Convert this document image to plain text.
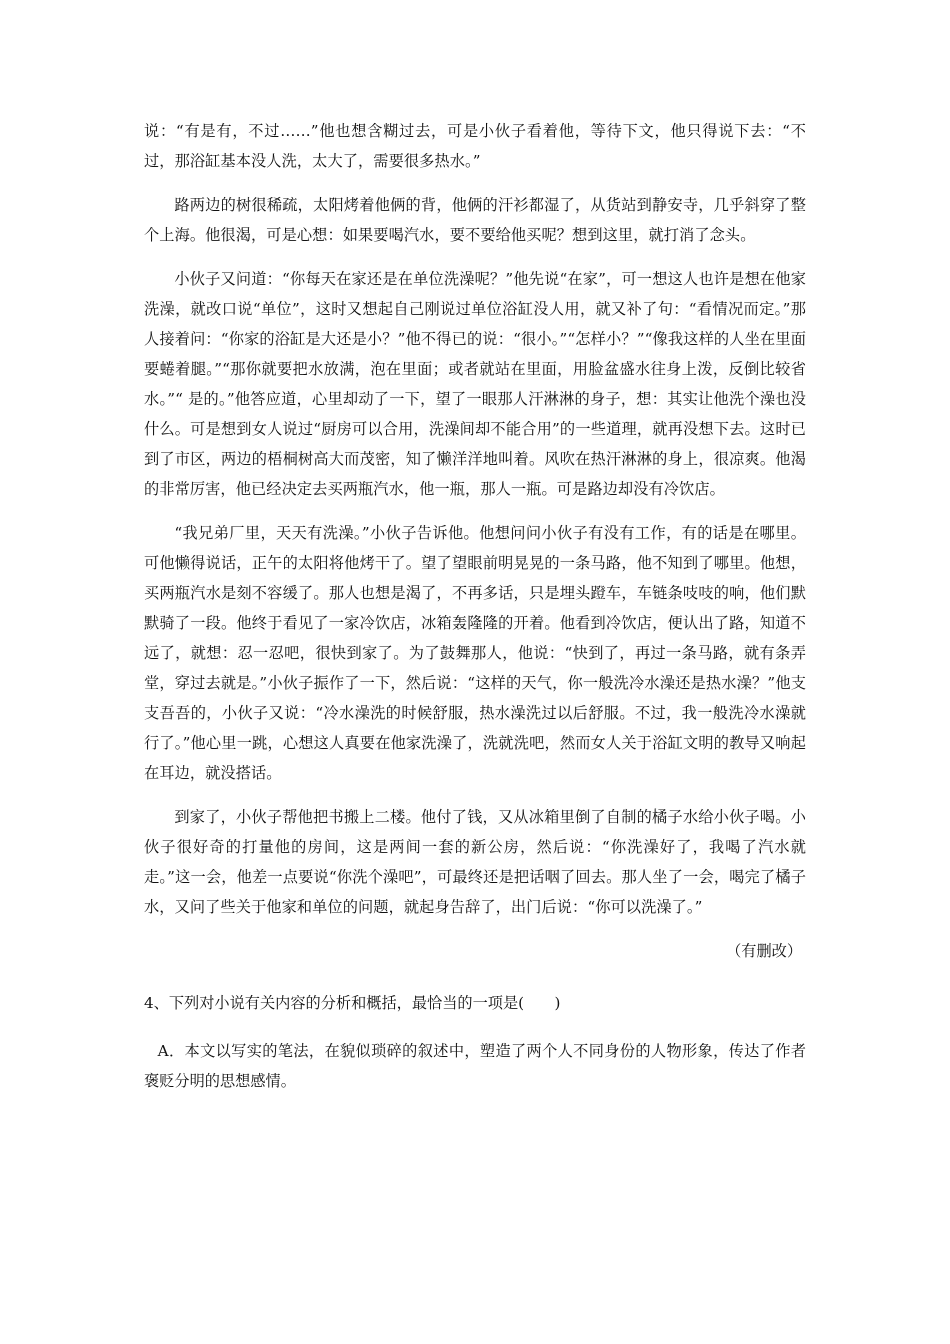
说：“有是有，不过……”他也想含糊过去，可是小伙子看着他，等待下文，他只得说下去：“不过，那浴缸基本没人洗，太大了，需要很多热水。”

路两边的树很稀疏，太阳烤着他俩的背，他俩的汗衫都湿了，从货站到静安寺，几乎斜穿了整个上海。他很渴，可是心想：如果要喝汽水，要不要给他买呢？想到这里，就打消了念头。

小伙子又问道：“你每天在家还是在单位洗澡呢？”他先说“在家”，可一想这人也许是想在他家洗澡，就改口说“单位”，这时又想起自己刚说过单位浴缸没人用，就又补了句：“看情况而定。”那人接着问：“你家的浴缸是大还是小？”他不得已的说：“很小。”“怎样小？”“像我这样的人坐在里面要蜷着腿。”“那你就要把水放满，泡在里面；或者就站在里面，用脸盆盛水往身上泼，反倒比较省水。”“ 是的。”他答应道，心里却动了一下，望了一眼那人汗淋淋的身子，想：其实让他洗个澡也没什么。可是想到女人说过“厨房可以合用，洗澡间却不能合用”的一些道理，就再没想下去。这时已到了市区，两边的梧桐树高大而茂密，知了懒洋洋地叫着。风吹在热汗淋淋的身上，很凉爽。他渴的非常厉害，他已经决定去买两瓶汽水，他一瓶，那人一瓶。可是路边却没有冷饮店。

“我兄弟厂里，天天有洗澡。”小伙子告诉他。他想问问小伙子有没有工作，有的话是在哪里。可他懒得说话，正午的太阳将他烤干了。望了望眼前明晃晃的一条马路，他不知到了哪里。他想，买两瓶汽水是刻不容缓了。那人也想是渴了，不再多话，只是埋头蹬车，车链条吱吱的响，他们默默骑了一段。他终于看见了一家冷饮店，冰箱轰隆隆的开着。他看到冷饮店，便认出了路，知道不远了，就想：忍一忍吧，很快到家了。为了鼓舞那人，他说：“快到了，再过一条马路，就有条弄堂，穿过去就是。”小伙子振作了一下，然后说：“这样的天气，你一般洗冷水澡还是热水澡？”他支支吾吾的，小伙子又说：“冷水澡洗的时候舒服，热水澡洗过以后舒服。不过，我一般洗冷水澡就行了。”他心里一跳，心想这人真要在他家洗澡了，洗就洗吧，然而女人关于浴缸文明的教导又响起在耳边，就没搭话。

到家了，小伙子帮他把书搬上二楼。他付了钱，又从冰箱里倒了自制的橘子水给小伙子喝。小伙子很好奇的打量他的房间，这是两间一套的新公房，然后说：“你洗澡好了，我喝了汽水就走。”这一会，他差一点要说“你洗个澡吧”，可最终还是把话咽了回去。那人坐了一会，喝完了橘子水，又问了些关于他家和单位的问题，就起身告辞了，出门后说：“你可以洗澡了。”

（有删改）

4、下列对小说有关内容的分析和概括，最恰当的一项是(　　)

A．本文以写实的笔法，在貌似琐碎的叙述中，塑造了两个人不同身份的人物形象，传达了作者褒贬分明的思想感情。
